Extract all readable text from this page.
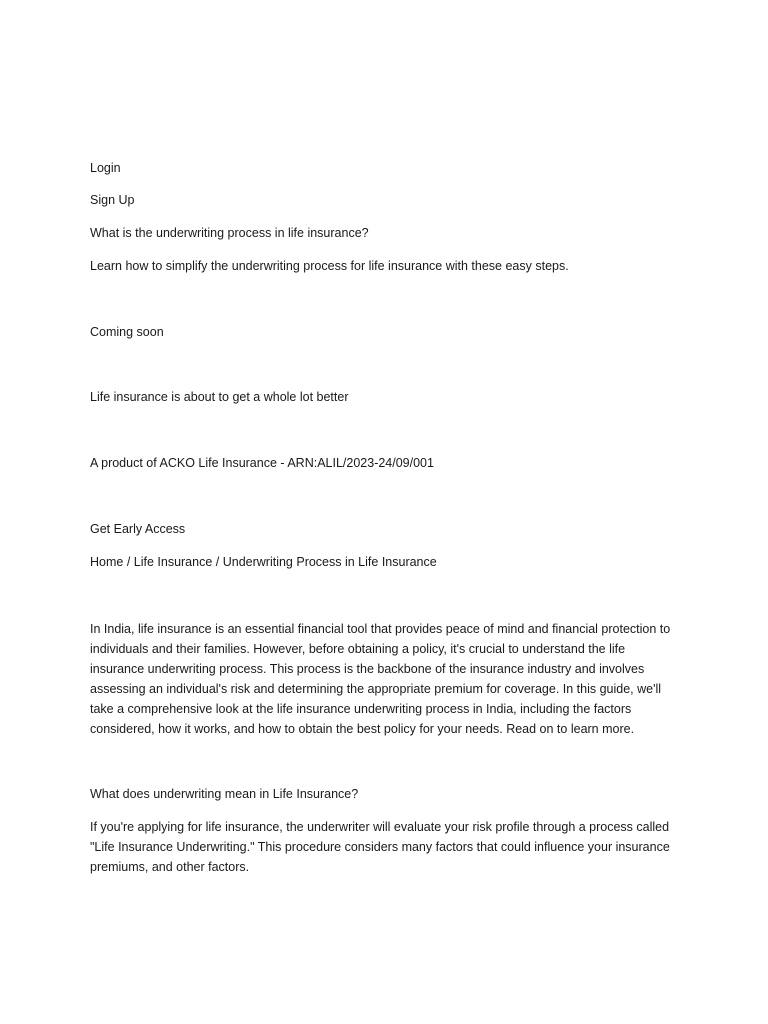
Login
Sign Up

What is the underwriting process in life insurance?

Learn how to simplify the underwriting process for life insurance with these easy steps.

Coming soon

Life insurance is about to get a whole lot better

A product of ACKO Life Insurance - ARN:ALIL/2023-24/09/001

Get Early Access

Home / Life Insurance / Underwriting Process in Life Insurance

In India, life insurance is an essential financial tool that provides peace of mind and financial protection to individuals and their families. However, before obtaining a policy, it's crucial to understand the life insurance underwriting process. This process is the backbone of the insurance industry and involves assessing an individual's risk and determining the appropriate premium for coverage. In this guide, we'll take a comprehensive look at the life insurance underwriting process in India, including the factors considered, how it works, and how to obtain the best policy for your needs. Read on to learn more.

What does underwriting mean in Life Insurance?

If you're applying for life insurance, the underwriter will evaluate your risk profile through a process called "Life Insurance Underwriting." This procedure considers many factors that could influence your insurance premiums, and other factors.
